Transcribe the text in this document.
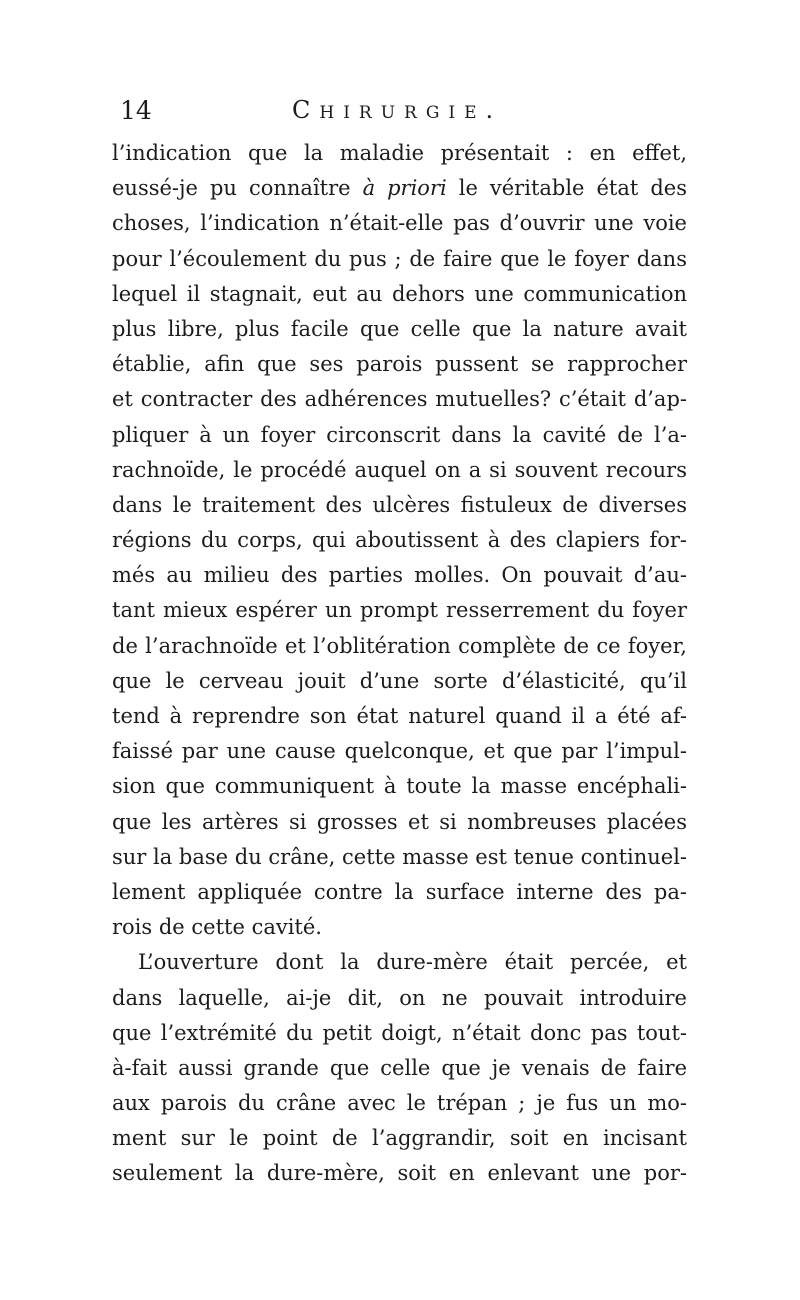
14	Chirurgie.
l’indication que la maladie présentait : en effet,
eussé-je pu connaître à priori le véritable état des
choses, l’indication n’était-elle pas d’ouvrir une voie
pour l’écoulement du pus ; de faire que le foyer dans
lequel il stagnait, eut au dehors une communication
plus libre, plus facile que celle que la nature avait
établie, afin que ses parois pussent se rapprocher
et contracter des adhérences mutuelles? c’était d’ap-
pliquer à un foyer circonscrit dans la cavité de l’a-
rachnoïde, le procédé auquel on a si souvent recours
dans le traitement des ulcères fistuleux de diverses
régions du corps, qui aboutissent à des clapiers for-
més au milieu des parties molles. On pouvait d’au-
tant mieux espérer un prompt resserrement du foyer
de l’arachnoïde et l’oblitération complète de ce foyer,
que le cerveau jouit d’une sorte d’élasticité, qu’il
tend à reprendre son état naturel quand il a été af-
faissé par une cause quelconque, et que par l’impul-
sion que communiquent à toute la masse encéphali-
que les artères si grosses et si nombreuses placées
sur la base du crâne, cette masse est tenue continuel-
lement appliquée contre la surface interne des pa-
rois de cette cavité.
L’ouverture dont la dure-mère était percée, et
dans laquelle, ai-je dit, on ne pouvait introduire
que l’extrémité du petit doigt, n’était donc pas tout-
à-fait aussi grande que celle que je venais de faire
aux parois du crâne avec le trépan ; je fus un mo-
ment sur le point de l’aggrandir, soit en incisant
seulement la dure-mère, soit en enlevant une por-
